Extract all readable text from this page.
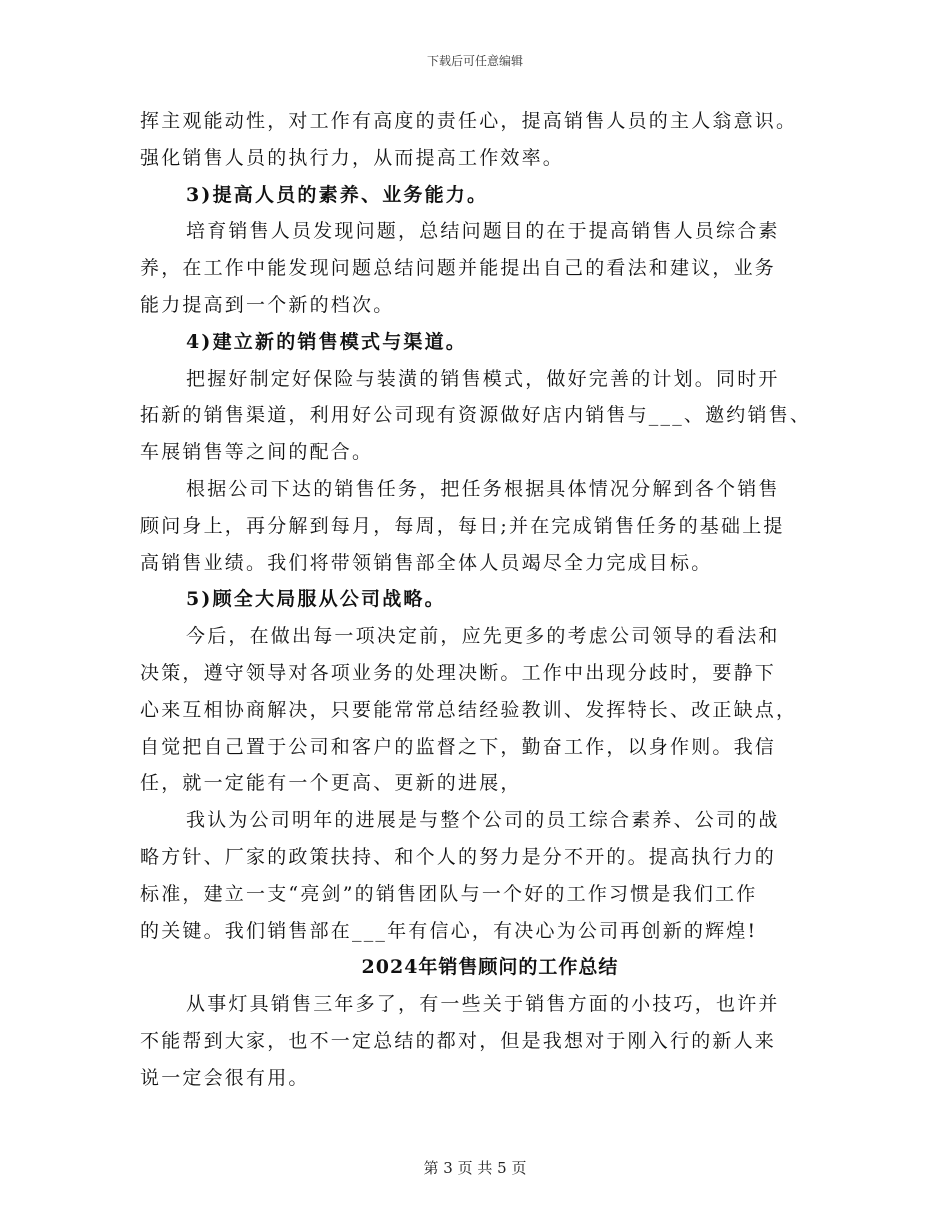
下载后可任意编辑
挥主观能动性，对工作有高度的责任心，提高销售人员的主人翁意识。
强化销售人员的执行力，从而提高工作效率。
3)提高人员的素养、业务能力。
培育销售人员发现问题，总结问题目的在于提高销售人员综合素
养，在工作中能发现问题总结问题并能提出自己的看法和建议，业务
能力提高到一个新的档次。
4)建立新的销售模式与渠道。
把握好制定好保险与装潢的销售模式，做好完善的计划。同时开
拓新的销售渠道，利用好公司现有资源做好店内销售与___、邀约销售、
车展销售等之间的配合。
根据公司下达的销售任务，把任务根据具体情况分解到各个销售
顾问身上，再分解到每月，每周，每日;并在完成销售任务的基础上提
高销售业绩。我们将带领销售部全体人员竭尽全力完成目标。
5)顾全大局服从公司战略。
今后，在做出每一项决定前，应先更多的考虑公司领导的看法和
决策，遵守领导对各项业务的处理决断。工作中出现分歧时，要静下
心来互相协商解决，只要能常常总结经验教训、发挥特长、改正缺点，
自觉把自己置于公司和客户的监督之下，勤奋工作，以身作则。我信
任，就一定能有一个更高、更新的进展，
我认为公司明年的进展是与整个公司的员工综合素养、公司的战
略方针、厂家的政策扶持、和个人的努力是分不开的。提高执行力的
标准，建立一支“亮剑”的销售团队与一个好的工作习惯是我们工作
的关键。我们销售部在___年有信心，有决心为公司再创新的辉煌!
2024年销售顾问的工作总结
从事灯具销售三年多了，有一些关于销售方面的小技巧，也许并
不能帮到大家，也不一定总结的都对，但是我想对于刚入行的新人来
说一定会很有用。
第 3 页 共 5 页
